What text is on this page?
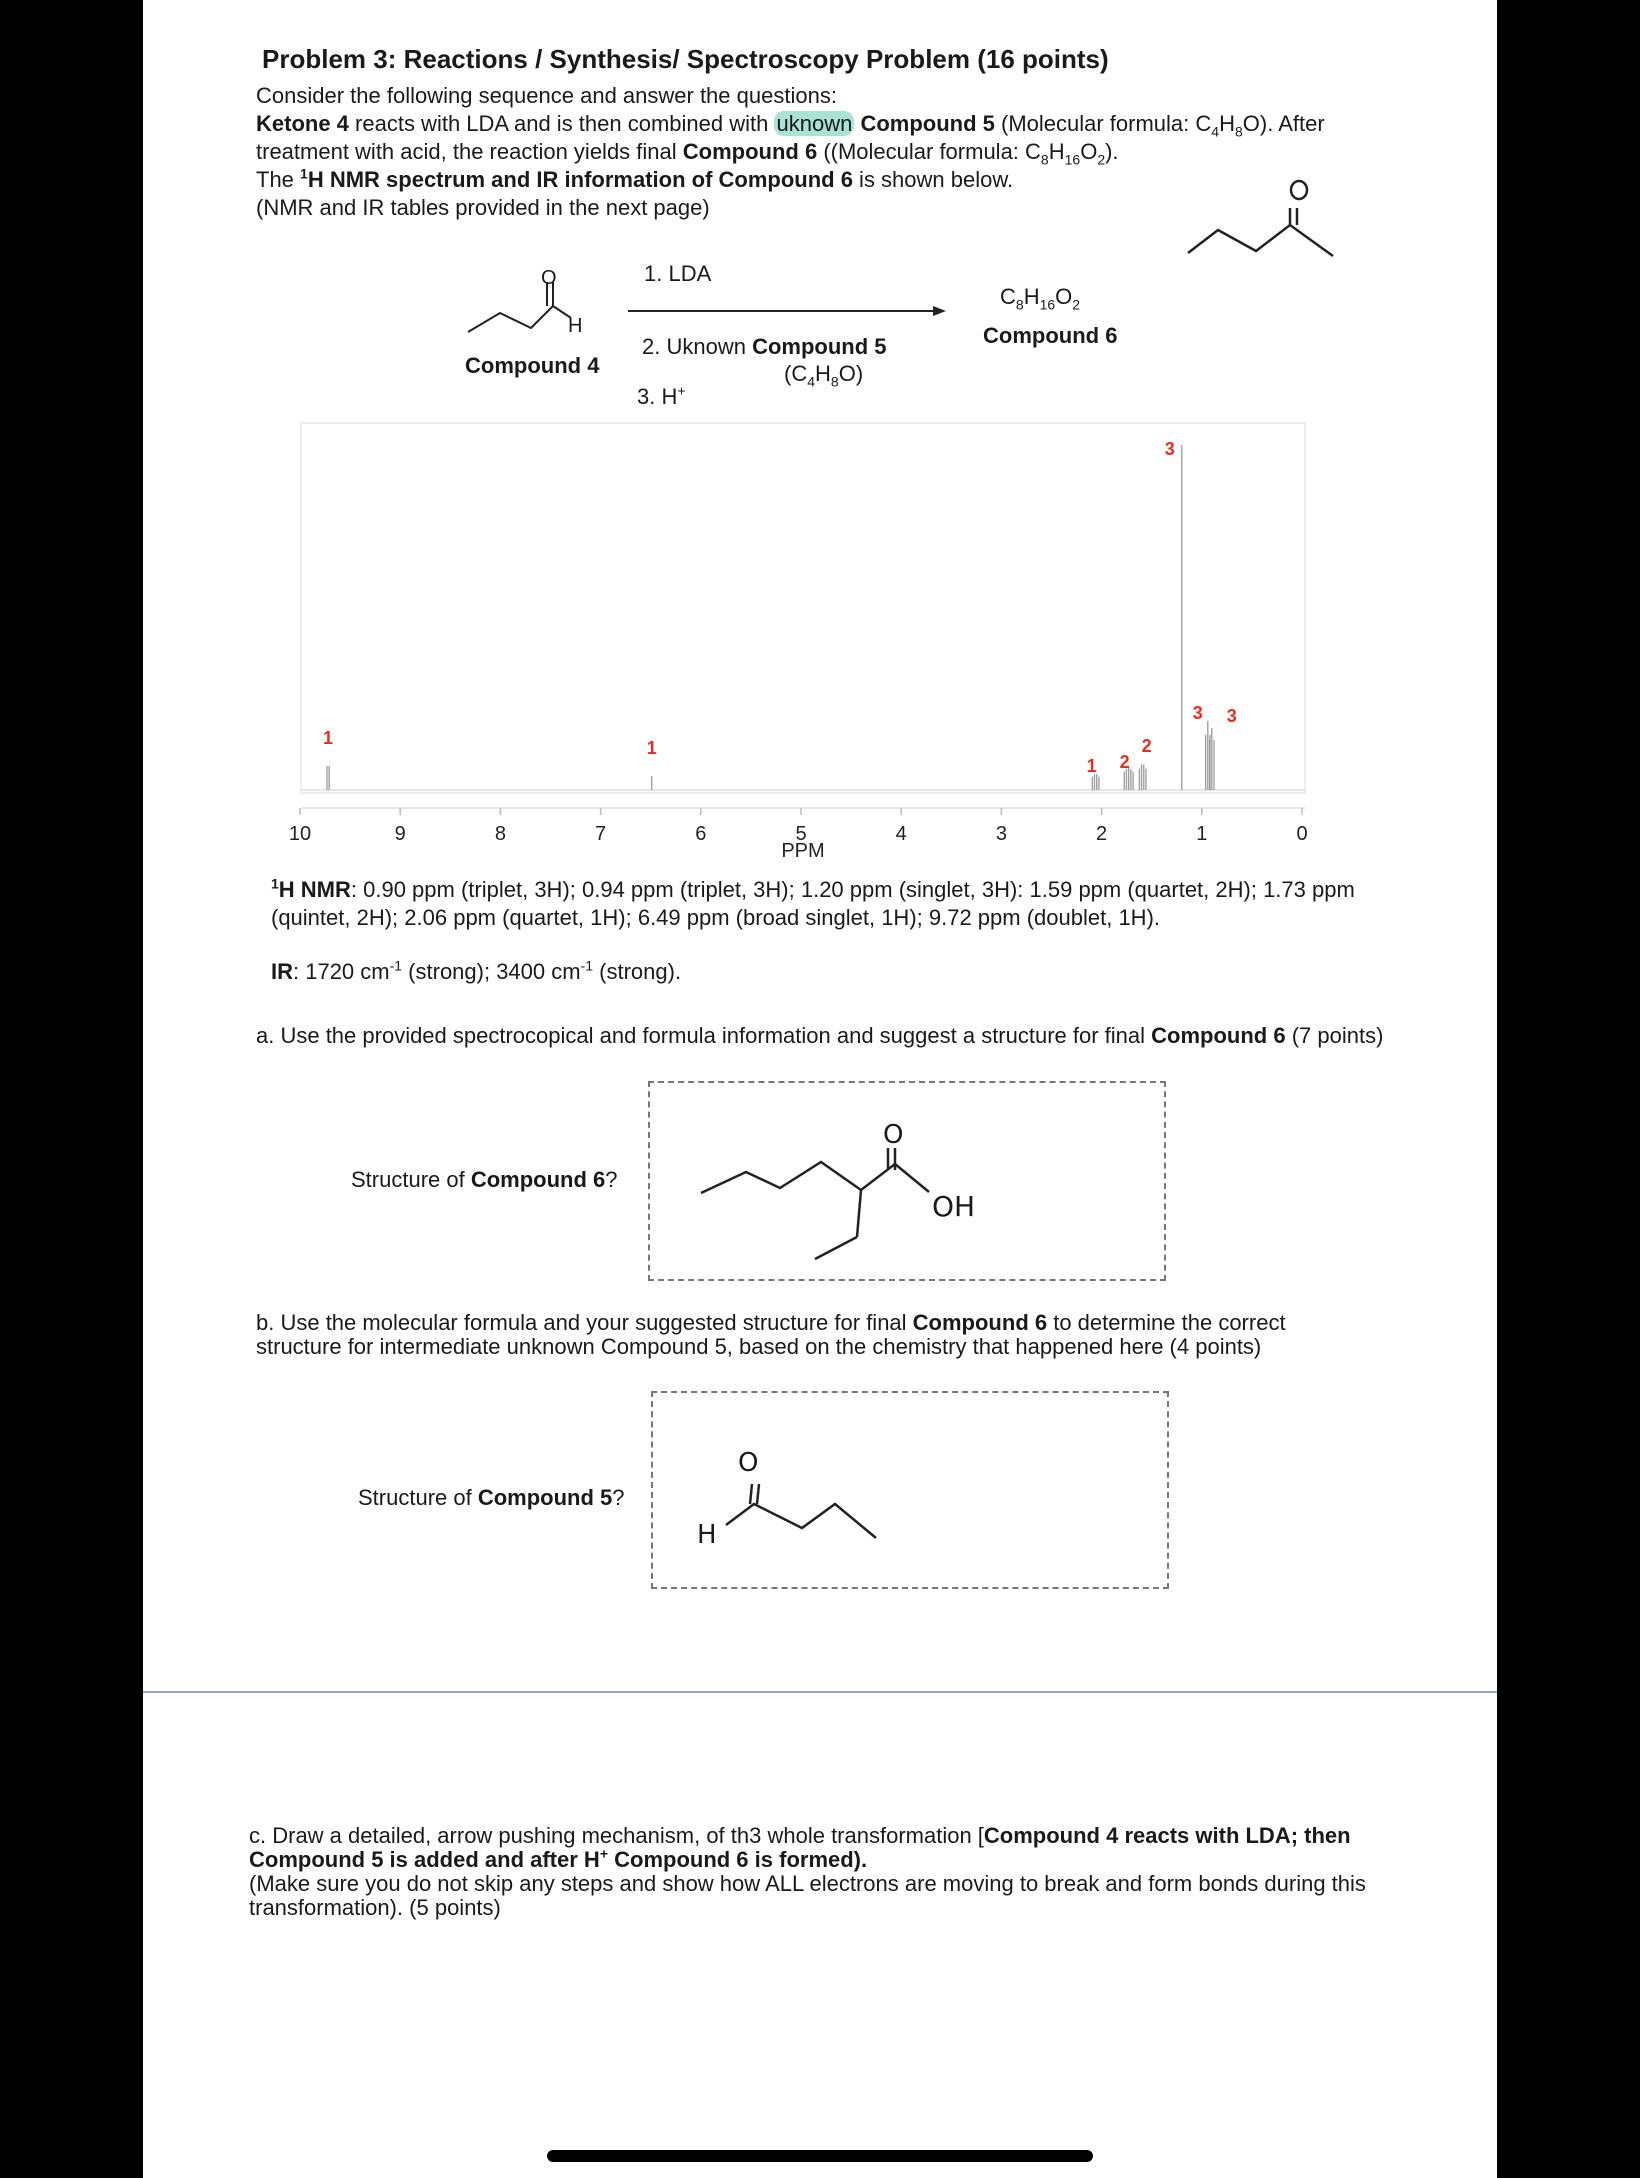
Problem 3: Reactions / Synthesis/ Spectroscopy Problem (16 points)
Consider the following sequence and answer the questions:
Ketone 4 reacts with LDA and is then combined with uknown Compound 5 (Molecular formula: $C_4H_8O$). After
treatment with acid, the reaction yields final Compound 6 ((Molecular formula: $C_8H_{16}O_2$).
The $^1$H NMR spectrum and IR information of Compound 6 is shown below.
(NMR and IR tables provided in the next page)
O
H
Compound 4
1. LDA
2. Uknown Compound 5
$(C_4H_8O)$
3. H+
$C_8H_{16}O_2$
Compound 6
10	9	8	7	6	5	4	3	2	1	0
1
1
1 2
2
3
3 3
PPM
$^1$H NMR: 0.90 ppm (triplet, 3H); 0.94 ppm (triplet, 3H); 1.20 ppm (singlet, 3H): 1.59 ppm (quartet, 2H); 1.73 ppm
(quintet, 2H); 2.06 ppm (quartet, 1H); 6.49 ppm (broad singlet, 1H); 9.72 ppm (doublet, 1H).
IR: 1720 $cm^{-1}$ (strong); 3400 $cm^{-1}$ (strong).
a. Use the provided spectrocopical and formula information and suggest a structure for final Compound 6 (7 points)
Structure of Compound 6?
O
OH
b. Use the molecular formula and your suggested structure for final Compound 6 to determine the correct
structure for intermediate unknown Compound 5, based on the chemistry that happened here (4 points)
Structure of Compound 5?
O
H
c. Draw a detailed, arrow pushing mechanism, of th3 whole transformation [Compound 4 reacts with LDA; then
Compound 5 is added and after H+ Compound 6 is formed).
(Make sure you do not skip any steps and show how ALL electrons are moving to break and form bonds during this
transformation). (5 points)
